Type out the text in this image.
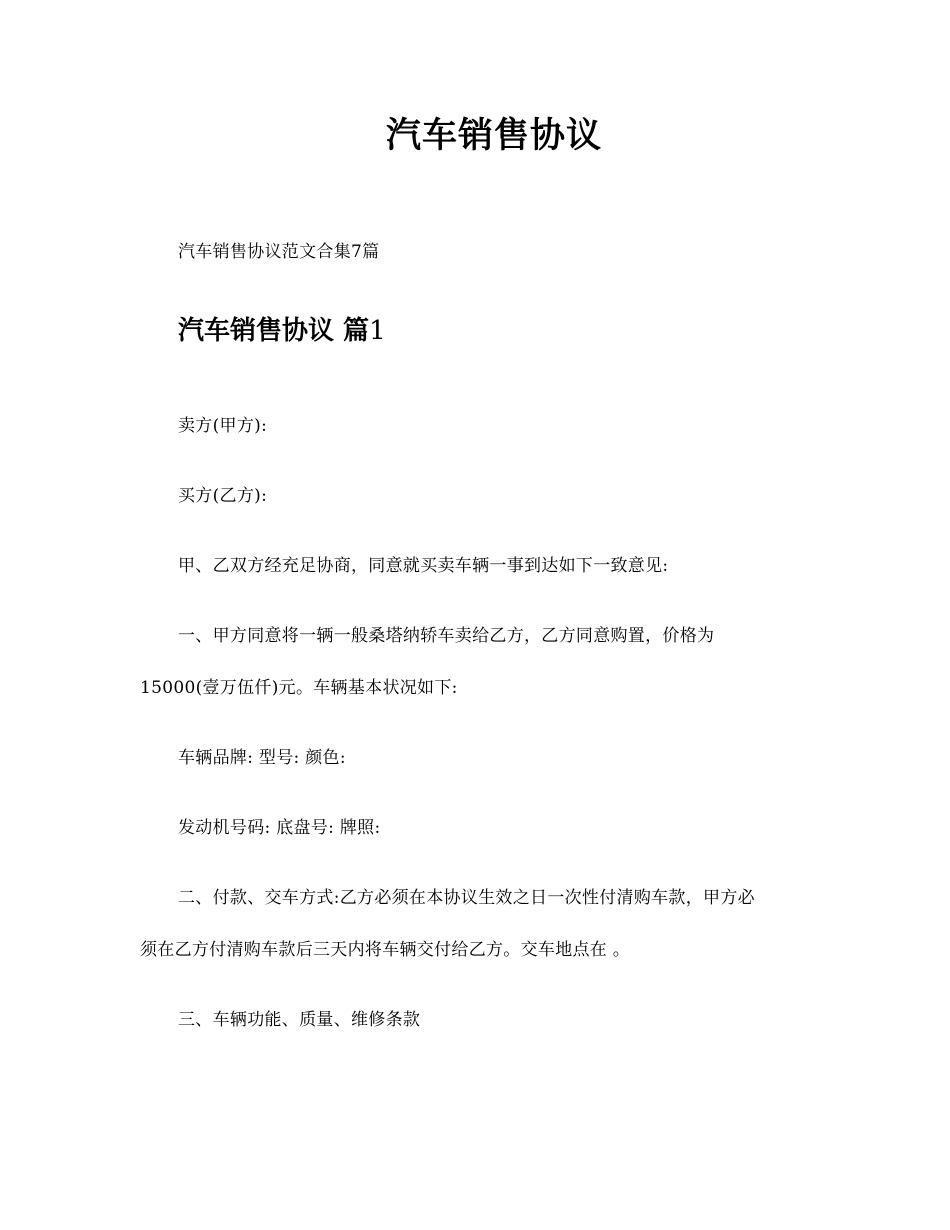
汽车销售协议

汽车销售协议范文合集7篇

汽车销售协议 篇1

卖方(甲方):

买方(乙方):

甲、乙双方经充足协商，同意就买卖车辆一事到达如下一致意见:

一、甲方同意将一辆一般桑塔纳轿车卖给乙方，乙方同意购置，价格为

15000(壹万伍仟)元。车辆基本状况如下:

车辆品牌: 型号: 颜色:

发动机号码: 底盘号: 牌照:

二、付款、交车方式:乙方必须在本协议生效之日一次性付清购车款，甲方必

须在乙方付清购车款后三天内将车辆交付给乙方。交车地点在 。

三、车辆功能、质量、维修条款
